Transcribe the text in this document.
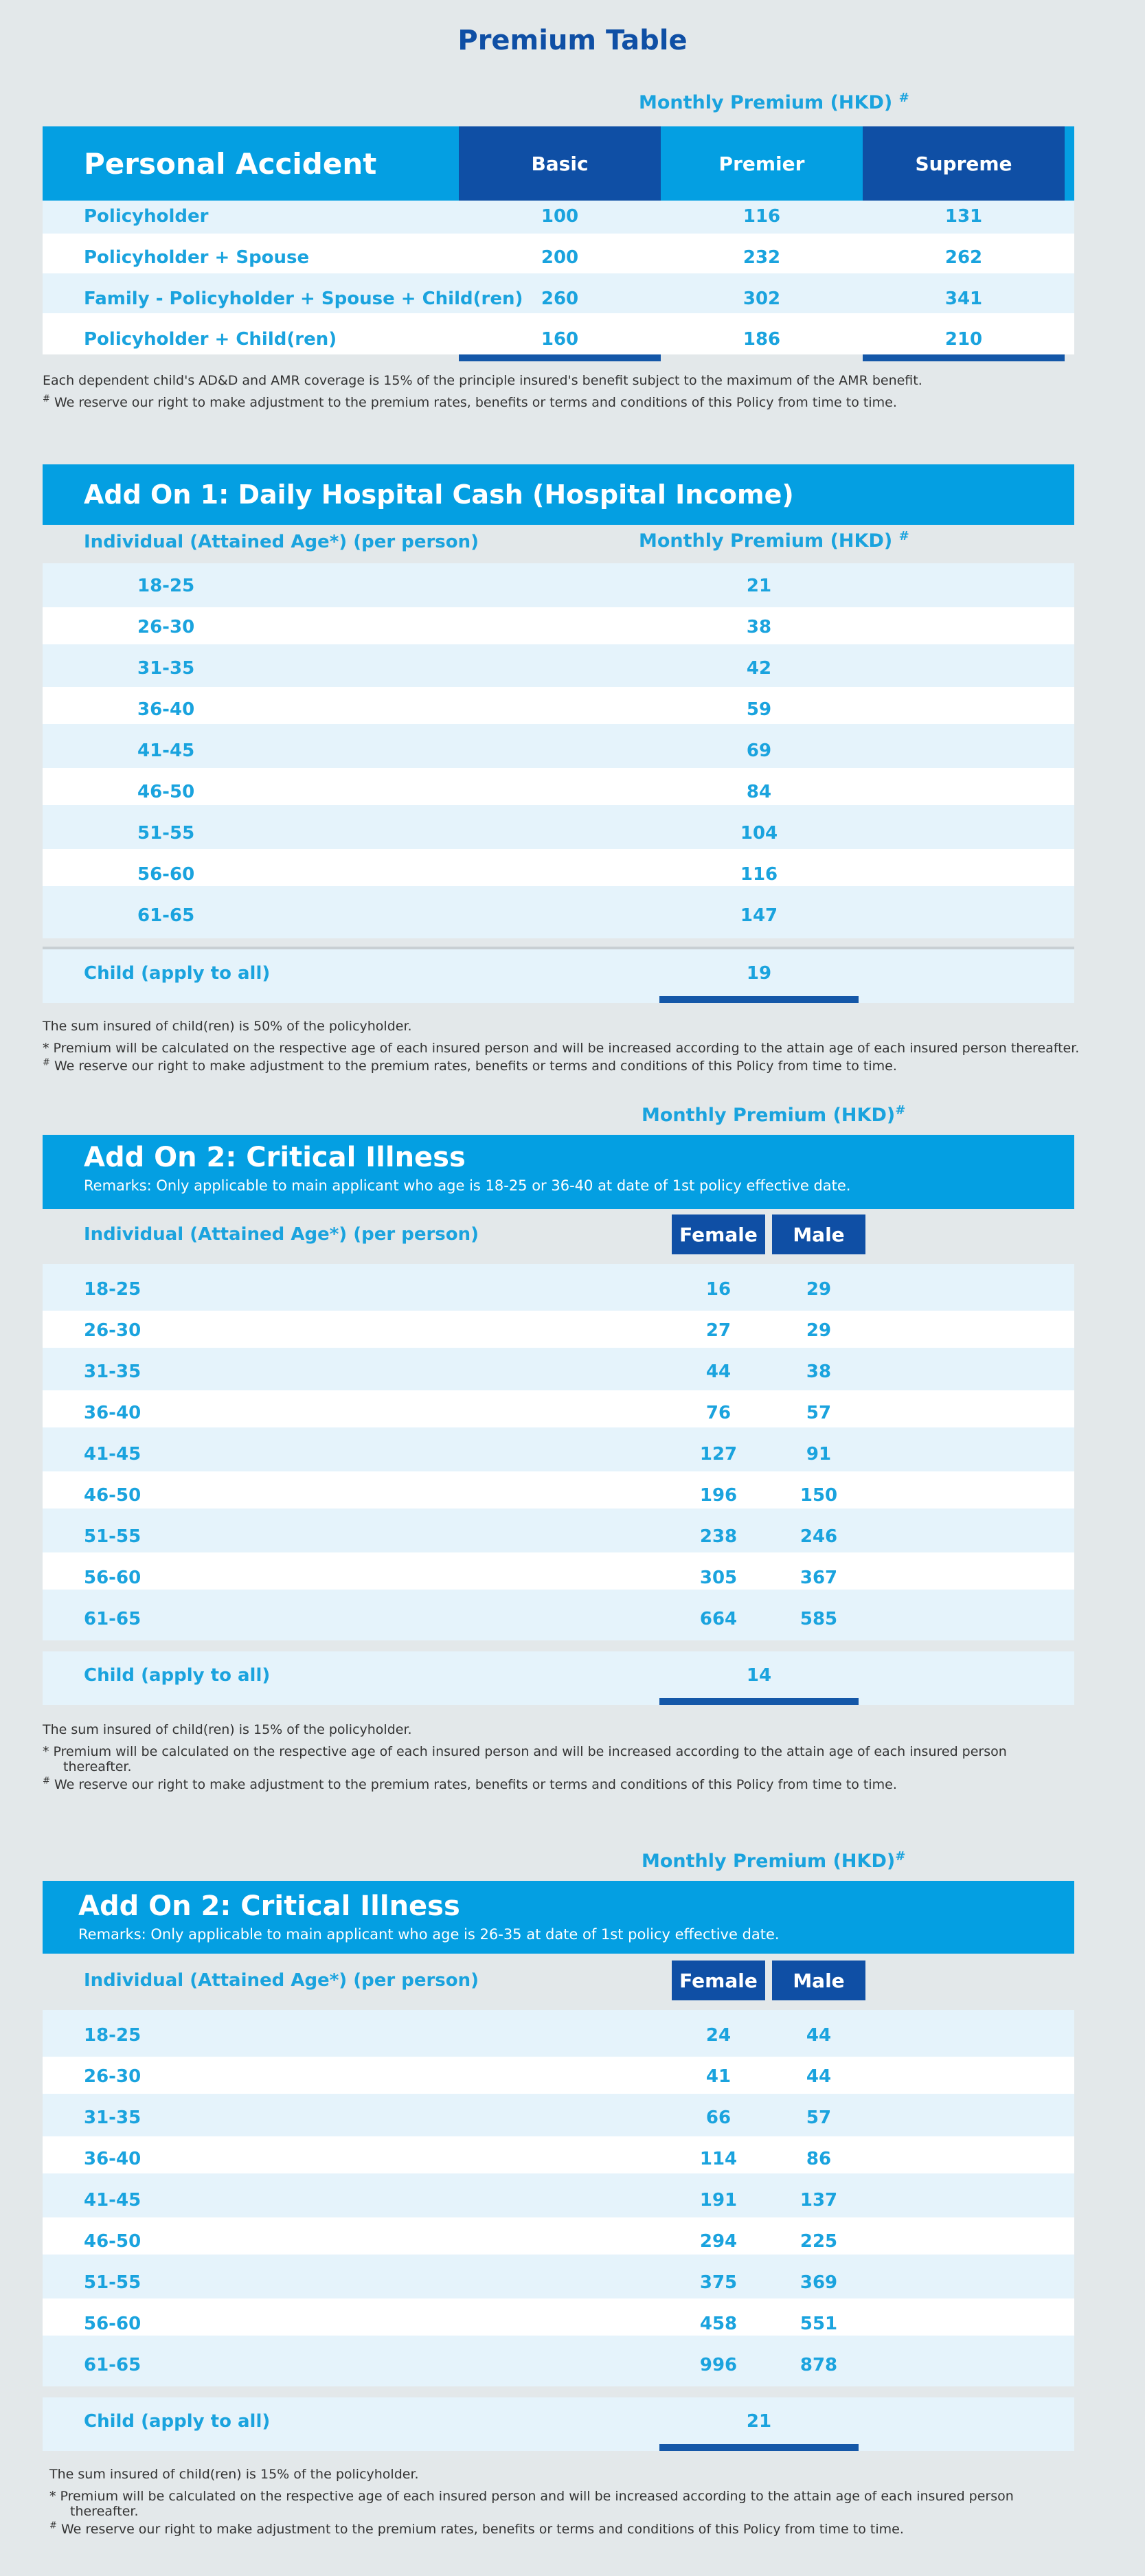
Premium Table
Monthly Premium (HKD) #
Personal Accident	Basic	Premier	Supreme
Policyholder	100	116	131
Policyholder + Spouse	200	232	262
Family - Policyholder + Spouse + Child(ren)	260	302	341
Policyholder + Child(ren)	160	186	210
Each dependent child's AD&D and AMR coverage is 15% of the principle insured's benefit subject to the maximum of the AMR benefit.
# We reserve our right to make adjustment to the premium rates, benefits or terms and conditions of this Policy from time to time.
Add On 1: Daily Hospital Cash (Hospital Income)
Individual (Attained Age*) (per person)	Monthly Premium (HKD) #
18-25	21
26-30	38
31-35	42
36-40	59
41-45	69
46-50	84
51-55	104
56-60	116
61-65	147
Child (apply to all)	19
The sum insured of child(ren) is 50% of the policyholder.
* Premium will be calculated on the respective age of each insured person and will be increased according to the attain age of each insured person thereafter.
# We reserve our right to make adjustment to the premium rates, benefits or terms and conditions of this Policy from time to time.
Monthly Premium (HKD)#
Add On 2: Critical Illness
Remarks: Only applicable to main applicant who age is 18-25 or 36-40 at date of 1st policy effective date.
Individual (Attained Age*) (per person)	Female	Male
18-25	16	29
26-30	27	29
31-35	44	38
36-40	76	57
41-45	127	91
46-50	196	150
51-55	238	246
56-60	305	367
61-65	664	585
Child (apply to all)	14
The sum insured of child(ren) is 15% of the policyholder.
* Premium will be calculated on the respective age of each insured person and will be increased according to the attain age of each insured person
thereafter.
# We reserve our right to make adjustment to the premium rates, benefits or terms and conditions of this Policy from time to time.
Monthly Premium (HKD)#
Add On 2: Critical Illness
Remarks: Only applicable to main applicant who age is 26-35 at date of 1st policy effective date.
Individual (Attained Age*) (per person)	Female	Male
18-25	24	44
26-30	41	44
31-35	66	57
36-40	114	86
41-45	191	137
46-50	294	225
51-55	375	369
56-60	458	551
61-65	996	878
Child (apply to all)	21
The sum insured of child(ren) is 15% of the policyholder.
* Premium will be calculated on the respective age of each insured person and will be increased according to the attain age of each insured person
thereafter.
# We reserve our right to make adjustment to the premium rates, benefits or terms and conditions of this Policy from time to time.
